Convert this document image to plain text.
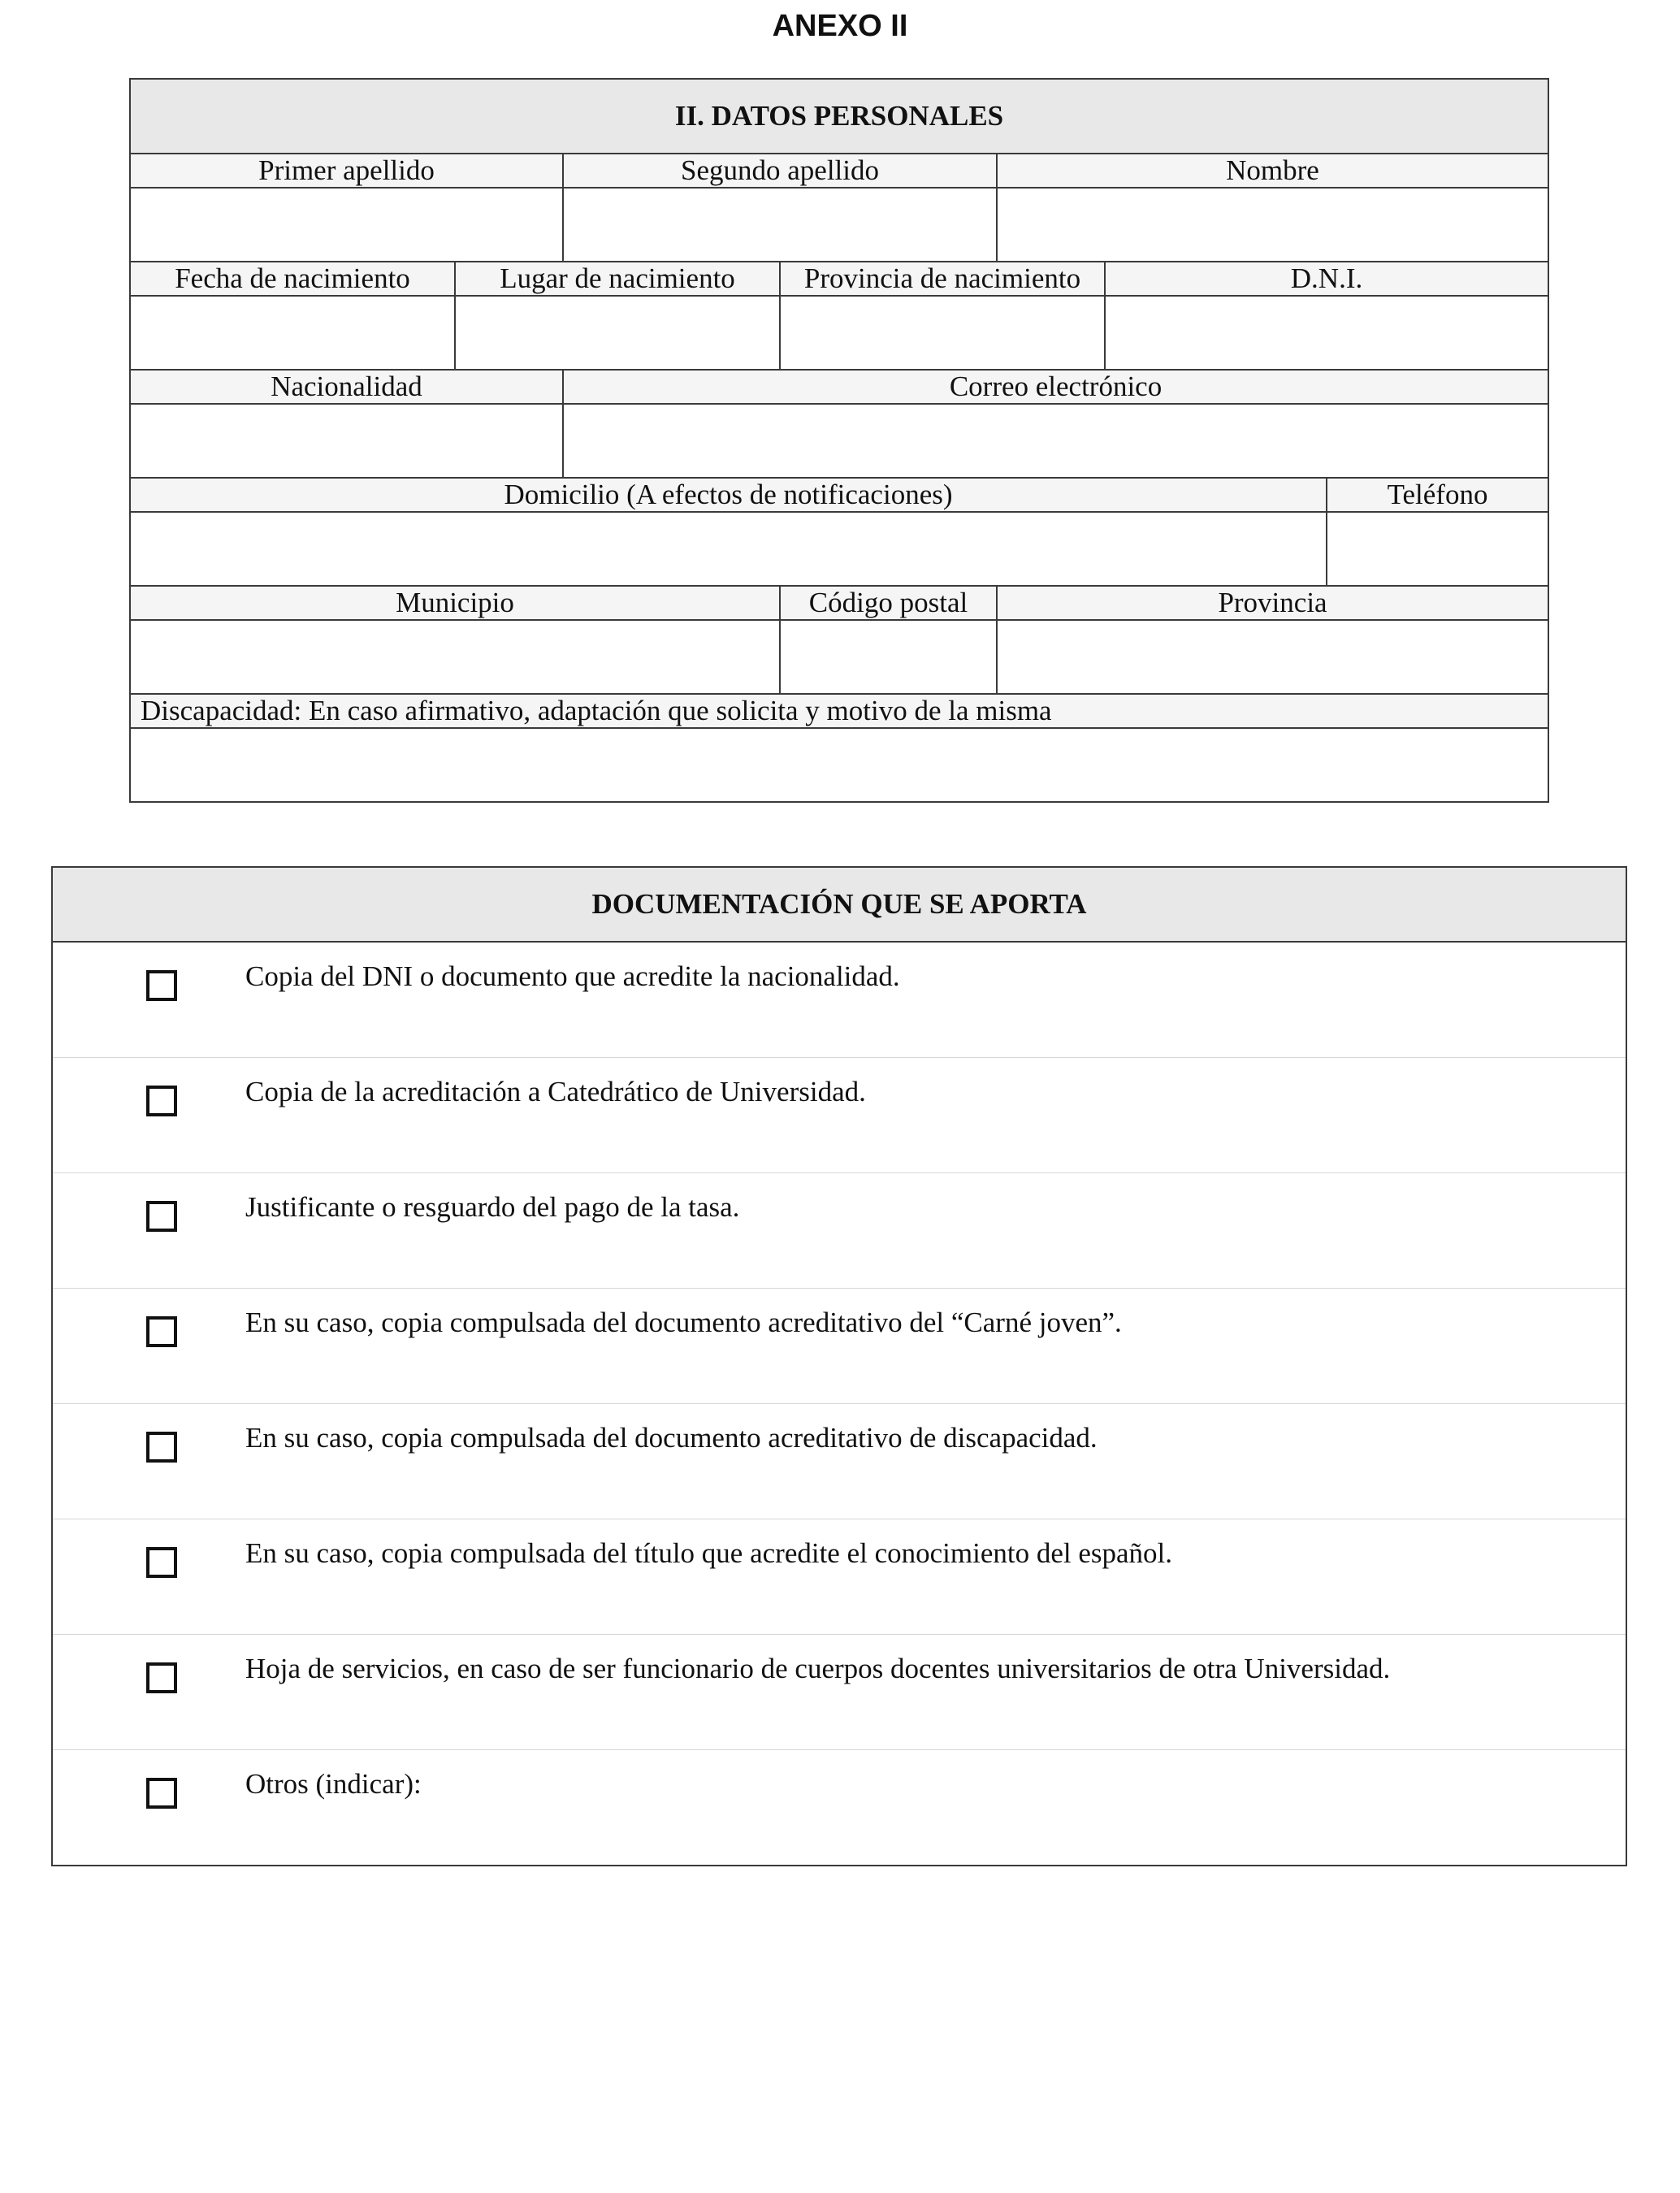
ANEXO II
II. DATOS PERSONALES						
Primer apellido		Segundo apellido		Nombre		

Fecha de nacimiento	Lugar de nacimiento		Provincia de nacimiento		D.N.I.	

Nacionalidad		Correo electrónico				

Domicilio (A efectos de notificaciones)						Teléfono

Municipio			Código postal	Provincia		

Discapacidad: En caso afirmativo, adaptación que solicita y motivo de la misma						

DOCUMENTACIÓN QUE SE APORTA	

	Copia del DNI o documento que acredite la nacionalidad.

	Copia de la acreditación a Catedrático de Universidad.

	Justificante o resguardo del pago de la tasa.

	En su caso, copia compulsada del documento acreditativo del “Carné joven”.

	En su caso, copia compulsada del documento acreditativo de discapacidad.

	En su caso, copia compulsada del título que acredite el conocimiento del español.

	Hoja de servicios, en caso de ser funcionario de cuerpos docentes universitarios de otra Universidad.

	Otros (indicar):
